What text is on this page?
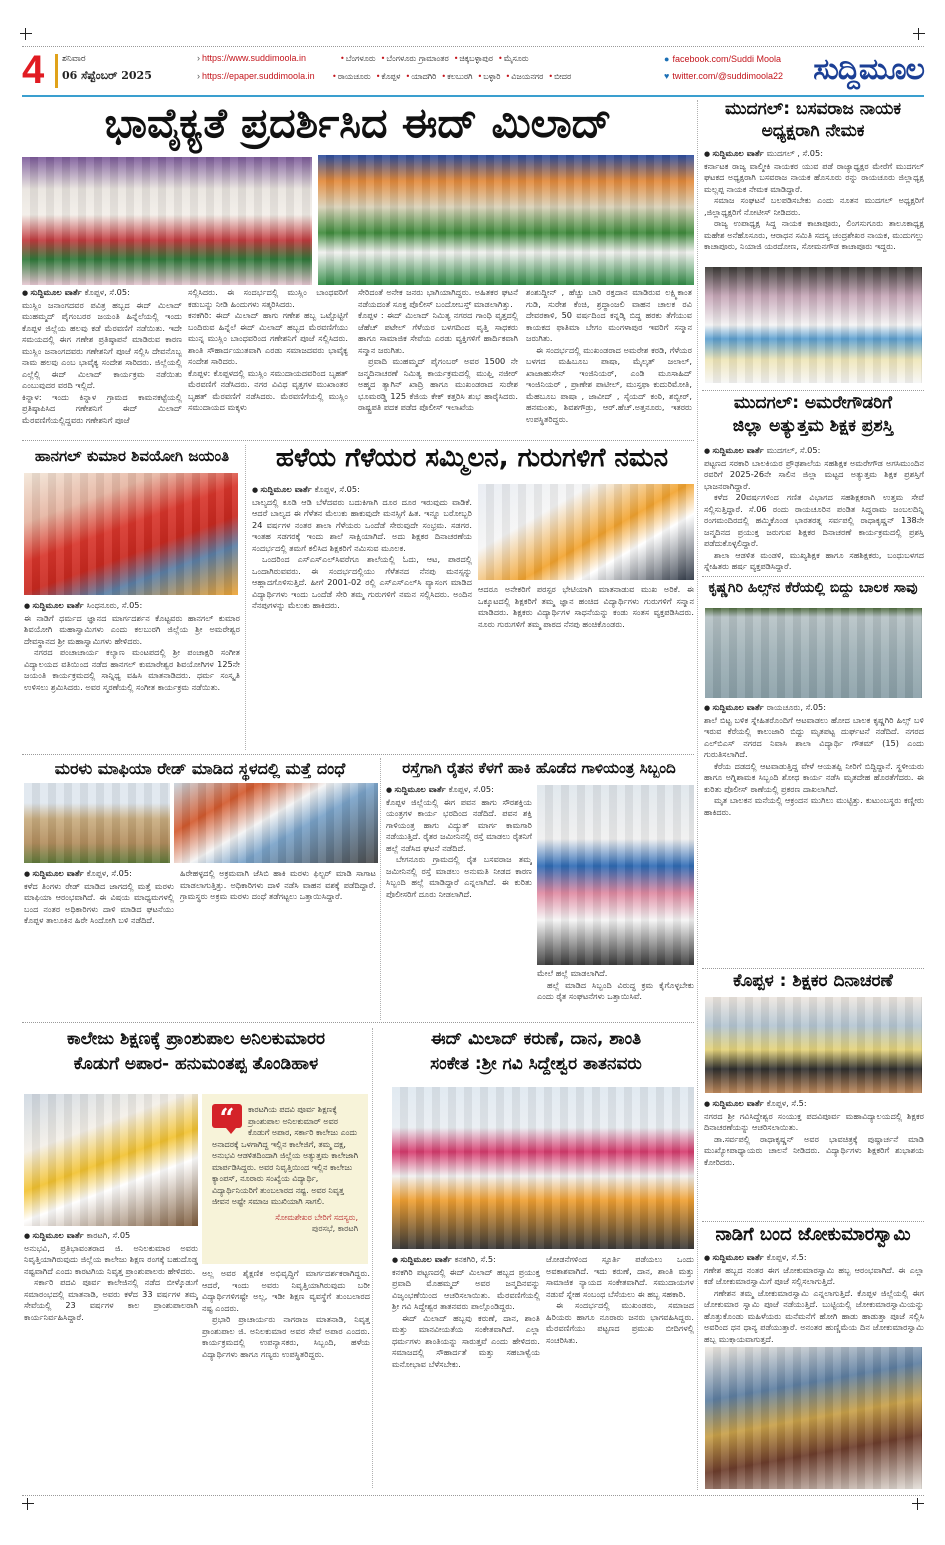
4 ಶನಿವಾರ
06 ಸೆಪ್ಟೆಂಬರ್ 2025
› https://www.suddimoola.in
› https://epaper.suddimoola.in
• ಬೆಂಗಳೂರು • ಬೆಂಗಳೂರು ಗ್ರಾಮಾಂತರ • ಚಿಕ್ಕಬಳ್ಳಾಪುರ • ಮೈಸೂರು
• ರಾಯಚೂರು • ಕೊಪ್ಪಳ • ಯಾದಗಿರಿ • ಕಲಬುರಗಿ • ಬಳ್ಳಾರಿ • ವಿಜಯನಗರ • ಬೀದರ
● facebook.com/Suddi Moola
♥ twitter.com/@suddimoola22 ಸುದ್ದಿಮೂಲ
ಭಾವೈಕ್ಯತೆ ಪ್ರದರ್ಶಿಸಿದ ಈದ್ ಮಿಲಾದ್

● ಸುದ್ದಿಮೂಲ ವಾರ್ತೆ ಕೊಪ್ಪಳ, ಸೆ.05:

ಮುಸ್ಲಿಂ ಜನಾಂಗದವರ ಪವಿತ್ರ ಹಬ್ಬದ ಈದ್ ಮಿಲಾದ್ ಮುಹಮ್ಮದ್ ಪೈಗಂಬರರ ಜಯಂತಿ ಹಿನ್ನೆಲೆಯಲ್ಲಿ ಇಂದು ಕೊಪ್ಪಳ ಜಿಲ್ಲೆಯ ಹಲವು ಕಡೆ ಮೆರವಣಿಗೆ ನಡೆಯಿತು. ಇದೇ ಸಮಯದಲ್ಲಿ ಈಗ ಗಣೇಶ ಪ್ರತಿಷ್ಠಾಪನೆ ಮಾಡಿರುವ ಕಾರಣ ಮುಸ್ಲಿಂ ಜನಾಂಗದವರು ಗಣೇಶನಿಗೆ ಪೂಜೆ ಸಲ್ಲಿಸಿ ದೇವನೊಬ್ಬ ನಾಮ ಹಲವು ಎಂಬ ಭಾವೈಕ್ಯ ಸಂದೇಶ ಸಾರಿದರು. ಜಿಲ್ಲೆಯಲ್ಲಿ ಎಲ್ಲೆಲ್ಲಿ ಈದ್ ಮಿಲಾದ್ ಕಾರ್ಯಕ್ರಮ ನಡೆಯಿತು ಎಂಬುವುದರ ವರದಿ ಇಲ್ಲಿದೆ.

ಕಿನ್ನಾಳ: ಇಂದು ಕಿನ್ನಾಳ ಗ್ರಾಮದ ಕಾಮನಕಟ್ಟೆಯಲ್ಲಿ ಪ್ರತಿಷ್ಠಾಪಿಸಿದ ಗಣೇಶನಿಗೆ ಈದ್ ಮಿಲಾದ್ ಮೆರವಣಿಗೆಯಲ್ಲಿದ್ದವರು ಗಣೇಶನಿಗೆ ಪೂಜೆ

ಸಲ್ಲಿಸಿದರು. ಈ ಸಂದರ್ಭದಲ್ಲಿ ಮುಸ್ಲಿಂ ಬಾಂಧವರಿಗೆ ಕಡುಬನ್ನು ನೀಡಿ ಹಿಂದುಗಳು ಸತ್ಕರಿಸಿದರು.

ಕನಕಗಿರಿ: ಈದ್ ಮಿಲಾದ್ ಹಾಗು ಗಣೇಶ ಹಬ್ಬ ಒಟ್ಟೊಟ್ಟಿಗೆ ಬಂದಿರುವ ಹಿನ್ನೆಲೆ ಈದ್ ಮಿಲಾದ್ ಹಬ್ಬದ ಮೆರವಣಿಗೆಯು ಮುನ್ನ ಮುಸ್ಲಿಂ ಬಾಂಧವರಿಂದ ಗಣೇಶನಿಗೆ ಪೂಜೆ ಸಲ್ಲಿಸಿದರು. ಶಾಂತಿ ಸೌಹಾರ್ದಯುತವಾಗಿ ಎರಡು ಸಮಾಜದವರು ಭಾವೈಕ್ಯ ಸಂದೇಶ ಸಾರಿದರು.

ಕೊಪ್ಪಳ: ಕೊಪ್ಪಳದಲ್ಲಿ ಮುಸ್ಲಿಂ ಸಮುದಾಯದವರಿಂದ ಬೃಹತ್ ಮೆರವಣಿಗೆ ನಡೆಸಿದರು. ನಗರ ವಿವಿಧ ವೃತ್ತಗಳ ಮುಖಾಂತರ ಬೃಹತ್ ಮೆರವಣಿಗೆ ನಡೆಸಿದರು. ಮೆರವಣಿಗೆಯಲ್ಲಿ ಮುಸ್ಲಿಂ ಸಮುದಾಯದ ಮಕ್ಕಳು

ಸೇರಿದಂತೆ ಅನೇಕ ಜನರು ಭಾಗಿಯಾಗಿದ್ದರು. ಅಹಿತಕರ ಘಟನೆ ನಡೆಯದಂತೆ ಸೂಕ್ತ ಪೊಲೀಸ್ ಬಂದೋಬಸ್ತ್ ಮಾಡಲಾಗಿತ್ತು.

ಕೊಪ್ಪಳ : ಈದ್ ಮಿಲಾದ್ ನಿಮಿತ್ಯ ನಗರದ ಗಾಂಧಿ ವೃತ್ತದಲ್ಲಿ ಜೆಹೆಚ್ ಪಟೇಲ್ ಗೆಳೆಯರ ಬಳಗದಿಂದ ವೃತ್ತಿ ಸಾಧಕರು ಹಾಗೂ ಸಾಮಾಜಿಕ ಸೇವೆಯ ಎರಡು ವ್ಯಕ್ತಿಗಳಿಗೆ ಹಾರ್ದಿಕವಾಗಿ ಸನ್ಮಾನ ಜರುಗಿತು.

ಪ್ರವಾದಿ ಮುಹಮ್ಮದ್ ಪೈಗಂಬರ್ ಅವರ 1500 ನೇ ಜನ್ಮದಿನಾಚರಣೆ ನಿಮಿತ್ಯ ಕಾರ್ಯಕ್ರಮದಲ್ಲಿ ಮುಫ್ತಿ ನಜೀರ್ ಅಹ್ಮದ ತ್ಯಾಗಿನ್ ಖಾದ್ರಿ ಹಾಗೂ ಮುಖಂಡರಾದ ಸುರೇಶ ಭೂಮರಡ್ಡಿ 125 ಕೆಜಿಯ ಕೇಕ್ ಕತ್ತರಿಸಿ ಶುಭ ಹಾರೈಸಿದರು. ರಾಷ್ಟ್ರಪತಿ ಪದಕ ಪಡೆದ ಪೊಲೀಸ್ ಇಲಾಖೆಯ

ಶಂಶುದ್ದೀನ್ , ಹೆಚ್ಚು ಬಾರಿ ರಕ್ತದಾನ ಮಾಡಿರುವ ಲಕ್ಷ್ಮಿಕಾಂತ ಗುಡಿ, ಸುರೇಶ ಕೆಂಚಿ, ಶ್ರದ್ಧಾಂಜಲಿ ವಾಹನ ಚಾಲಕ ರವಿ ದೇವರಕಾಳಿ, 50 ವರ್ಷದಿಂದ ಕನ್ನಡ್ಕಿ ಬಿದ್ದ ಹರಕು ತೆಗೆಯುವ ಕಾಯಕದ ಫಾತಿಮಾ ಬೇಗಂ ಮಂಗಳಾಪುರ ಇವರಿಗೆ ಸನ್ಮಾನ ಜರುಗಿತು.

ಈ ಸಂದರ್ಭದಲ್ಲಿ ಮುಖಂಡರಾದ ಅಮರೇಶ ಕರಡಿ, ಗೆಳೆಯರ ಬಳಗದ ಮಹಿಬೂಬ ಪಾಷಾ, ಮೈಲ್ಕತ್ ಜಲಾಲ್, ಖಾಜಾಹುಸೇನ್ ಇಂಜಿನಿಯರ್, ಎಂಡಿ ಮೂಸಾಹಿದ್ ಇಂಜಿನಿಯರ್ , ಪ್ರಾಣೇಶ ಪಾಟೀಲ್, ಮುಸ್ತಫಾ ಕುದುರಿಮೋತಿ, ಮೆಹಬೂಬ ಪಾಷಾ , ಜಾವೀದ್ , ಸೈಯದ್ ಕಂಠಿ, ಶಬ್ಬೀರ್, ಹನಮಂತು, ಶಿವಶಗೌಡ್ರು, ಆರ್.ಹೆಚ್.ಅತ್ತನೂರು, ಇತರರು ಉಪಸ್ಥಿತರಿದ್ದರು.

ಮುದಗಲ್: ಬಸವರಾಜ ನಾಯಕ
ಅಧ್ಯಕ್ಷರಾಗಿ ನೇಮಕ

● ಸುದ್ದಿಮೂಲ ವಾರ್ತೆ ಮುದಗಲ್ , ಸೆ.05:

ಕರ್ನಾಟಕ ರಾಜ್ಯ ವಾಲ್ಮೀಕಿ ನಾಯಕರ ಯುವ ಪಡೆ ರಾಜ್ಯಾಧ್ಯಕ್ಷರ ಮೇರೆಗೆ ಮುದಗಲ್ ಘಟಕದ ಅಧ್ಯಕ್ಷರಾಗಿ ಬಸವರಾಜ ನಾಯಕ ಹೊಸೂರು ರನ್ನು ರಾಯಚೂರು ಜಿಲ್ಲಾಧ್ಯಕ್ಷ ಮಲ್ಲಪ್ಪ ನಾಯಕ ನೇಮಕ ಮಾಡಿದ್ದಾರೆ.

ಸಮಾಜ ಸಂಘಟನೆ ಬಲಪಡಿಸಬೇಕು ಎಂದು ನೂತನ ಮುದಗಲ್ ಅಧ್ಯಕ್ಷರಿಗೆ ,ಜಿಲ್ಲಾಧ್ಯಕ್ಷರಿಗೆ ನೋಟೀಸ್ ನೀಡಿದರು.

ರಾಜ್ಯ ಉಪಾಧ್ಯಕ್ಷ ಸಿದ್ದ ನಾಯಕ ಕಾಚಾಪೂರು, ಲಿಂಗಸುಗೂರು ತಾಲೂಕಾಧ್ಯಕ್ಷ ಮಹೇಶ ಅನೆಹೊಸೂರು, ಆರಾಧನ ಸಮಿತಿ ಸದಸ್ಯ ಚಂದ್ರಶೇಖರ ನಾಯಕ, ಮುದುಗಲ್ಲು ಕಾಚಾಪೂರು, ನಿಯಾಜಿ ಯರದೋಣ, ಸೋಮನಗೌಡ ಕಾಚಾಪೂರು ಇದ್ದರು.

ಮುದಗಲ್: ಅಮರೇಗೌಡರಿಗೆ
ಜಿಲ್ಲಾ ಅತ್ಯುತ್ತಮ ಶಿಕ್ಷಕ ಪ್ರಶಸ್ತಿ

● ಸುದ್ದಿಮೂಲ ವಾರ್ತೆ ಮುದಗಲ್, ಸೆ.05:

ಪಟ್ಟಣದ ಸರಕಾರಿ ಬಾಲಕಿಯರ ಪ್ರೌಢಶಾಲೆಯ ಸಹಶಿಕ್ಷಕ ಅಮರೇಗೌಡ ಅಗಸಿಮುಂದಿನ ರವರಿಗೆ 2025-26ನೇ ಸಾಲಿನ ಜಿಲ್ಲಾ ಮಟ್ಟದ ಅತ್ಯುತ್ತಮ ಶಿಕ್ಷಕ ಪ್ರಶಸ್ತಿಗೆ ಭಾಜನರಾಗಿದ್ದಾರೆ.

ಕಳೆದ 20ವರ್ಷಗಳಿಂದ ಗಣಿತ ವಿಭಾಗದ ಸಹಶಿಕ್ಷಕರಾಗಿ ಉತ್ತಮ ಸೇವೆ ಸಲ್ಲಿಸುತ್ತಿದ್ದಾರೆ. ಸೆ.06 ರಂದು ರಾಯಚೂರಿನ ಪಂಡಿತ ಸಿದ್ದರಾಮ ಜಂಬಲದಿನ್ನಿ ರಂಗಮಂದಿರದಲ್ಲಿ ಹಮ್ಮಿಕೊಂಡ ಭಾರತರತ್ನ ಸರ್ವಪಲ್ಲಿ ರಾಧಾಕೃಷ್ಣನ್ 138ನೇ ಜನ್ಮದಿನದ ಪ್ರಯುಕ್ತ ಜರುಗುವ ಶಿಕ್ಷಕರ ದಿನಾಚರಣೆ ಕಾರ್ಯಕ್ರಮದಲ್ಲಿ ಪ್ರಶಸ್ತಿ ಪಡೆದುಕೊಳ್ಳಲಿದ್ದಾರೆ.

ಶಾಲಾ ಆಡಳಿತ ಮಂಡಳಿ, ಮುಖ್ಯಶಿಕ್ಷಕ ಹಾಗೂ ಸಹಶಿಕ್ಷಕರು, ಬಂಧುಬಳಗದ ಸ್ನೇಹಿತರು ಹರ್ಷ ವ್ಯಕ್ತಪಡಿಸಿದ್ದಾರೆ.

ಕೃಷ್ಣಗಿರಿ ಹಿಲ್ಸ್‌ನ ಕೆರೆಯಲ್ಲಿ ಬಿದ್ದು ಬಾಲಕ ಸಾವು

● ಸುದ್ದಿಮೂಲ ವಾರ್ತೆ ರಾಯಚೂರು, ಸೆ.05:

ಶಾಲೆ ಬಿಟ್ಟ ಬಳಿಕ ಸ್ನೇಹಿತರೊಂದಿಗೆ ಆಟವಾಡಲು ಹೋದ ಬಾಲಕ ಕೃಷ್ಣಗಿರಿ ಹಿಲ್ಸ್ ಬಳಿ ಇರುವ ಕೆರೆಯಲ್ಲಿ ಕಾಲುಜಾರಿ ಬಿದ್ದು ಮೃತಪಟ್ಟ ದುರ್ಘಟನೆ ನಡೆದಿದೆ. ನಗರದ ಎಲ್‌ಬಿಎಸ್ ನಗರದ ನಿವಾಸಿ ಶಾಲಾ ವಿದ್ಯಾರ್ಥಿ ಗೌತಮ್ (15) ಎಂದು ಗುರುತಿಸಲಾಗಿದೆ.

ಕೆರೆಯ ದಡದಲ್ಲಿ ಆಟವಾಡುತ್ತಿದ್ದ ವೇಳೆ ಆಯತಪ್ಪಿ ನೀರಿಗೆ ಬಿದ್ದಿದ್ದಾನೆ. ಸ್ಥಳೀಯರು ಹಾಗೂ ಅಗ್ನಿಶಾಮಕ ಸಿಬ್ಬಂದಿ ಶೋಧ ಕಾರ್ಯ ನಡೆಸಿ ಮೃತದೇಹ ಹೊರತೆಗೆದರು. ಈ ಕುರಿತು ಪೊಲೀಸ್ ಠಾಣೆಯಲ್ಲಿ ಪ್ರಕರಣ ದಾಖಲಾಗಿದೆ.

ಮೃತ ಬಾಲಕನ ಮನೆಯಲ್ಲಿ ಆಕ್ರಂದನ ಮುಗಿಲು ಮುಟ್ಟಿತ್ತು. ಕುಟುಂಬಸ್ಥರು ಕಣ್ಣೀರು ಹಾಕಿದರು.

ಕೊಪ್ಪಳ : ಶಿಕ್ಷಕರ ದಿನಾಚರಣೆ

● ಸುದ್ದಿಮೂಲ ವಾರ್ತೆ ಕೊಪ್ಪಳ, ಸೆ.5:

ನಗರದ ಶ್ರೀ ಗವಿಸಿದ್ದೇಶ್ವರ ಸಂಯುಕ್ತ ಪದವಿಪೂರ್ವ ಮಹಾವಿದ್ಯಾಲಯದಲ್ಲಿ ಶಿಕ್ಷಕರ ದಿನಾಚರಣೆಯನ್ನು ಆಚರಿಸಲಾಯಿತು.

ಡಾ.ಸರ್ವಪಲ್ಲಿ ರಾಧಾಕೃಷ್ಣನ್ ಅವರ ಭಾವಚಿತ್ರಕ್ಕೆ ಪುಷ್ಪಾರ್ಚನೆ ಮಾಡಿ ಮುಖ್ಯೋಪಾಧ್ಯಾಯರು ಚಾಲನೆ ನೀಡಿದರು. ವಿದ್ಯಾರ್ಥಿಗಳು ಶಿಕ್ಷಕರಿಗೆ ಶುಭಾಶಯ ಕೋರಿದರು.

ನಾಡಿಗೆ ಬಂದ ಜೋಕುಮಾರಸ್ವಾಮಿ

● ಸುದ್ದಿಮೂಲ ವಾರ್ತೆ ಕೊಪ್ಪಳ, ಸೆ.5:

ಗಣೇಶ ಹಬ್ಬದ ನಂತರ ಈಗ ಜೋಕುಮಾರಸ್ವಾಮಿ ಹಬ್ಬ ಆರಂಭವಾಗಿದೆ. ಈ ಎಲ್ಲಾ ಕಡೆ ಜೋಕುಮಾರಸ್ವಾಮಿಗೆ ಪೂಜೆ ಸಲ್ಲಿಸಲಾಗುತ್ತಿದೆ.

ಗಣೇಶನ ತಮ್ಮ ಜೋಕುಮಾರಸ್ವಾಮಿ ಎನ್ನಲಾಗುತ್ತಿದೆ. ಕೊಪ್ಪಳ ಜಿಲ್ಲೆಯಲ್ಲಿ ಈಗ ಜೋಕುಮಾರ ಸ್ವಾಮಿ ಪೂಜೆ ನಡೆಯುತ್ತಿದೆ. ಬುಟ್ಟಿಯಲ್ಲಿ ಜೋಕುಮಾರಸ್ವಾಮಿಯನ್ನು ಹೊತ್ತುಕೊಂಡು ಮಹಿಳೆಯರು ಮನೆಮನೆಗೆ ಹೋಗಿ ಹಾಡು ಹಾಡುತ್ತಾ ಪೂಜೆ ಸಲ್ಲಿಸಿ ಅವರಿಂದ ಧನ ಧಾನ್ಯ ಪಡೆಯುತ್ತಾರೆ. ಅನಂತರ ಹುಣ್ಣಿಮೆಯ ದಿನ ಜೋಕುಮಾರಸ್ವಾಮಿ ಹಬ್ಬ ಮುಕ್ತಾಯವಾಗುತ್ತದೆ.

ಹಾನಗಲ್ ಕುಮಾರ ಶಿವಯೋಗಿ ಜಯಂತಿ

● ಸುದ್ದಿಮೂಲ ವಾರ್ತೆ ಸಿಂಧನೂರು, ಸೆ.05:

ಈ ನಾಡಿಗೆ ಧರ್ಮದ ಜ್ಞಾನದ ಮಾರ್ಗದರ್ಶನ ಕೊಟ್ಟವರು ಹಾನಗಲ್ ಕುಮಾರ ಶಿವಯೋಗಿ ಮಹಾಸ್ವಾಮಿಗಳು ಎಂದು ಕಲಬುರಗಿ ಜಿಲ್ಲೆಯ ಶ್ರೀ ಅಮರೇಶ್ವರ ದೇವಸ್ಥಾನದ ಶ್ರೀ ಮಹಾಸ್ವಾಮಿಗಳು ಹೇಳಿದರು.

ನಗರದ ಪಂಚಾಚಾರ್ಯ ಕಲ್ಯಾಣ ಮಂಟಪದಲ್ಲಿ ಶ್ರೀ ಪಂಚಾಕ್ಷರಿ ಸಂಗೀತ ವಿದ್ಯಾಲಯದ ವತಿಯಿಂದ ನಡೆದ ಹಾನಗಲ್ ಕುಮಾರೇಶ್ವರ ಶಿವಯೋಗಿಗಳ 125ನೇ ಜಯಂತಿ ಕಾರ್ಯಕ್ರಮದಲ್ಲಿ ಸಾನ್ನಿಧ್ಯ ವಹಿಸಿ ಮಾತನಾಡಿದರು. ಧರ್ಮ ಸಂಸ್ಕೃತಿ ಉಳಿಸಲು ಶ್ರಮಿಸಿದರು. ಅವರ ಸ್ಮರಣೆಯಲ್ಲಿ ಸಂಗೀತ ಕಾರ್ಯಕ್ರಮ ನಡೆಯಿತು.

ಹಳೆಯ ಗೆಳೆಯರ ಸಮ್ಮಿಲನ, ಗುರುಗಳಿಗೆ ನಮನ

● ಸುದ್ದಿಮೂಲ ವಾರ್ತೆ ಕೊಪ್ಪಳ, ಸೆ.05:

ಬಾಲ್ಯದಲ್ಲಿ ಕೂಡಿ ಆಡಿ ಬೆಳೆದವರು ಬದುಕಿಗಾಗಿ ದೂರ ದೂರ ಇರುವುದು ವಾಡಿಕೆ. ಆದರೆ ಬಾಲ್ಯದ ಈ ಗೆಳೆತನ ಮೆಲುಕು ಹಾಕುವುದೇ ಮನಸ್ಸಿಗೆ ಹಿತ. ಇನ್ನೂ ಬರೋಬ್ಬರಿ 24 ವರ್ಷಗಳ ನಂತರ ಶಾಲಾ ಗೆಳೆಯರು ಒಂದೆಡೆ ಸೇರುವುದೇ ಸಂಭ್ರಮ. ಸಡಗರ. ಇಂತಹ ಸಡಗರಕ್ಕೆ ಇಂದು ಶಾಲೆ ಸಾಕ್ಷಿಯಾಗಿದೆ. ಅದು ಶಿಕ್ಷಕರ ದಿನಾಚರಣೆಯ ಸಂದರ್ಭದಲ್ಲಿ ತಮಗೆ ಕಲಿಸಿದ ಶಿಕ್ಷಕರಿಗೆ ನಮಿಸುವ ಮೂಲಕ.

ಒಂದರಿಂದ ಎಸ್‌ಎಸ್‌ಎಲ್‌ಸಿವರೆಗೂ ಶಾಲೆಯಲ್ಲಿ ಓದು, ಆಟ, ಪಾಠದಲ್ಲಿ ಒಂದಾಗಿರುವವರು. ಈ ಸಂದರ್ಭದಲ್ಲಿಯು ಗೆಳೆತನದ ನೆನಪು ಮನಸ್ಸನ್ನು ಆಹ್ಲಾದಗೊಳಿಸುತ್ತಿದೆ. ಹೀಗೆ 2001-02 ರಲ್ಲಿ ಎಸ್‌ಎಸ್‌ಎಲ್‌ಸಿ ವ್ಯಾಸಂಗ ಮಾಡಿದ ವಿದ್ಯಾರ್ಥಿಗಳು ಇಂದು ಒಂದೆಡೆ ಸೇರಿ ತಮ್ಮ ಗುರುಗಳಿಗೆ ನಮನ ಸಲ್ಲಿಸಿದರು. ಅಂದಿನ ನೆನಪುಗಳನ್ನು ಮೆಲುಕು ಹಾಕಿದರು.

ಆದರೂ ಅನೇಕರಿಗೆ ಪರಸ್ಪರ ಭೇಟಿಯಾಗಿ ಮಾತನಾಡುವ ಮುಖ ಅರಿಕೆ. ಈ ಒಕ್ಕೂಟದಲ್ಲಿ ಶಿಕ್ಷಕರಿಗೆ ತಮ್ಮ ಜ್ಞಾನ ಹಂಚಿದ ವಿದ್ಯಾರ್ಥಿಗಳು ಗುರುಗಳಿಗೆ ಸನ್ಮಾನ ಮಾಡಿದರು. ಶಿಕ್ಷಕರು ವಿದ್ಯಾರ್ಥಿಗಳ ಸಾಧನೆಯನ್ನು ಕಂಡು ಸಂತಸ ವ್ಯಕ್ತಪಡಿಸಿದರು. ನೂರು ಗುರುಗಳಿಗೆ ತಮ್ಮ ಪಾಠದ ನೆನಪು ಹಂಚಿಕೊಂಡರು.

ಮರಳು ಮಾಫಿಯಾ ರೇಡ್ ಮಾಡಿದ ಸ್ಥಳದಲ್ಲಿ ಮತ್ತೆ ದಂಧೆ

● ಸುದ್ದಿಮೂಲ ವಾರ್ತೆ ಕೊಪ್ಪಳ, ಸೆ.05:

ಕಳೆದ ತಿಂಗಳು ರೇಡ್ ಮಾಡಿದ ಜಾಗದಲ್ಲಿ ಮತ್ತೆ ಮರಳು ಮಾಫಿಯಾ ಆರಂಭವಾಗಿದೆ. ಈ ವಿಷಯ ಮಾಧ್ಯಮಗಳಲ್ಲಿ ಬಂದ ನಂತರ ಅಧಿಕಾರಿಗಳು ದಾಳಿ ಮಾಡಿದ ಘಟನೆಯು ಕೊಪ್ಪಳ ತಾಲೂಕಿನ ಹಿರೇ ಸಿಂದೋಗಿ ಬಳಿ ನಡೆದಿದೆ.

ಹಿರೇಹಳ್ಳದಲ್ಲಿ ಅಕ್ರಮವಾಗಿ ಜೆಸಿಬಿ ಹಾಕಿ ಮರಳು ಫಿಲ್ಟರ್ ಮಾಡಿ ಸಾಗಾಟ ಮಾಡಲಾಗುತ್ತಿತ್ತು. ಅಧಿಕಾರಿಗಳು ದಾಳಿ ನಡೆಸಿ ವಾಹನ ವಶಕ್ಕೆ ಪಡೆದಿದ್ದಾರೆ. ಗ್ರಾಮಸ್ಥರು ಅಕ್ರಮ ಮರಳು ದಂಧೆ ತಡೆಗಟ್ಟಲು ಒತ್ತಾಯಿಸಿದ್ದಾರೆ.

ರಸ್ತೆಗಾಗಿ ರೈತನ ಕೆಳಗೆ ಹಾಕಿ ಹೊಡೆದ ಗಾಳಿಯಂತ್ರ ಸಿಬ್ಬಂದಿ

● ಸುದ್ದಿಮೂಲ ವಾರ್ತೆ ಕೊಪ್ಪಳ, ಸೆ.05:

ಕೊಪ್ಪಳ ಜಿಲ್ಲೆಯಲ್ಲಿ ಈಗ ಪವನ ಹಾಗು ಸೌರಶಕ್ತಿಯ ಯಂತ್ರಗಳ ಕಾರ್ಯ ಭರದಿಂದ ನಡೆದಿದೆ. ಪವನ ಶಕ್ತಿ ಗಾಳಿಯಂತ್ರ ಹಾಗು ವಿದ್ಯುತ್ ಮಾರ್ಗ ಕಾಮಗಾರಿ ನಡೆಯುತ್ತಿದೆ. ರೈತರ ಜಮೀನಿನಲ್ಲಿ ರಸ್ತೆ ಮಾಡಲು ರೈತನಿಗೆ ಹಲ್ಲೆ ನಡೆಸಿದ ಘಟನೆ ನಡೆದಿದೆ.

ಬೇಗನೂರು ಗ್ರಾಮದಲ್ಲಿ ರೈತ ಬಸವರಾಜ ತಮ್ಮ ಜಮೀನಿನಲ್ಲಿ ರಸ್ತೆ ಮಾಡಲು ಅನುಮತಿ ನೀಡದ ಕಾರಣ ಸಿಬ್ಬಂದಿ ಹಲ್ಲೆ ಮಾಡಿದ್ದಾರೆ ಎನ್ನಲಾಗಿದೆ. ಈ ಕುರಿತು ಪೊಲೀಸರಿಗೆ ದೂರು ನೀಡಲಾಗಿದೆ.

ಮೇಲೆ ಹಲ್ಲೆ ಮಾಡಲಾಗಿದೆ.

ಹಲ್ಲೆ ಮಾಡಿದ ಸಿಬ್ಬಂದಿ ವಿರುದ್ಧ ಕ್ರಮ ಕೈಗೊಳ್ಳಬೇಕು ಎಂದು ರೈತ ಸಂಘಟನೆಗಳು ಒತ್ತಾಯಿಸಿವೆ.

ಕಾಲೇಜು ಶಿಕ್ಷಣಕ್ಕೆ ಪ್ರಾಂಶುಪಾಲ ಅನಿಲಕುಮಾರರ
ಕೊಡುಗೆ ಅಪಾರ- ಹನುಮಂತಪ್ಪ ತೊಂಡಿಹಾಳ
“	ಕಾರಟಗಿಯ ಪದವಿ ಪೂರ್ವ ಶಿಕ್ಷಣಕ್ಕೆ ಪ್ರಾಂಶುಪಾಲ ಅನಿಲಕುಮಾರ್ ಅವರ ಕೊಡುಗೆ ಅಪಾರ, ಸರ್ಕಾರಿ ಕಾಲೇಜು ಎಂದು ಅನಾದರಕ್ಕೆ ಒಳಗಾಗಿದ್ದ ಇಲ್ಲಿನ ಕಾಲೇಜಿಗೆ, ತಮ್ಮ ದಕ್ಷ, ಅನುಭವಿ ಆಡಳಿತದಿಂದಾಗಿ ಜಿಲ್ಲೆಯ ಅತ್ಯುತ್ತಮ ಕಾಲೇಜಾಗಿ ಮಾರ್ಪಡಿಸಿದ್ದರು. ಅವರ ನಿವೃತ್ತಿಯಿಂದ ಇಲ್ಲಿನ ಕಾಲೇಜು ಕ್ಯಾಂಪಸ್, ನೂರಾರು ಸಂಖ್ಯೆಯ ವಿದ್ಯಾರ್ಥಿ, ವಿದ್ಯಾರ್ಥಿನಿಯರಿಗೆ ತುಂಬಲಾರದ ನಷ್ಟ. ಅವರ ನಿವೃತ್ತ ಜೀವನ ಅಷ್ಟೇ ಸಮಾಜ ಮುಖಿಯಾಗಿ ಸಾಗಲಿ.
ಸೋಮಶೇಖರ ಬೇರಿಗೆ ಸದಸ್ಯರು,
ಪುರಸಭೆ, ಕಾರಟಗಿ

● ಸುದ್ದಿಮೂಲ ವಾರ್ತೆ ಕಾರಟಗಿ, ಸೆ.05

ಅನುಭವಿ, ಪ್ರತಿಭಾವಂತರಾದ ಜಿ. ಅನಿಲಕುಮಾರ ಅವರು ನಿವೃತ್ತಿಯಾಗಿರುವುದು ಜಿಲ್ಲೆಯ ಕಾಲೇಜು ಶಿಕ್ಷಣ ರಂಗಕ್ಕೆ ಬಹುದೊಡ್ಡ ನಷ್ಟವಾಗಿದೆ ಎಂದು ಕಾರಟಗಿಯ ನಿವೃತ್ತ ಪ್ರಾಂಶುಪಾಲರು ಹೇಳಿದರು.

ಸರ್ಕಾರಿ ಪದವಿ ಪೂರ್ವ ಕಾಲೇಜಿನಲ್ಲಿ ನಡೆದ ಬೀಳ್ಕೊಡುಗೆ ಸಮಾರಂಭದಲ್ಲಿ ಮಾತನಾಡಿ, ಅವರು ಕಳೆದ 33 ವರ್ಷಗಳ ತಮ್ಮ ಸೇವೆಯಲ್ಲಿ 23 ವರ್ಷಗಳ ಕಾಲ ಪ್ರಾಂಶುಪಾಲರಾಗಿ ಕಾರ್ಯನಿರ್ವಹಿಸಿದ್ದಾರೆ.

ಅಲ್ಲ ಅವರ ಶೈಕ್ಷಣಿಕ ಅಭಿವೃದ್ಧಿಗೆ ಮಾರ್ಗದರ್ಶಕರಾಗಿದ್ದರು. ಆದರೆ, ಇಂದು ಅವರು ನಿವೃತ್ತಿಯಾಗಿರುವುದು ಬರೀ ವಿದ್ಯಾರ್ಥಿಗಳಿಗಷ್ಟೇ ಅಲ್ಲ, ಇಡೀ ಶಿಕ್ಷಣ ವ್ಯವಸ್ಥೆಗೆ ತುಂಬಲಾರದ ನಷ್ಟ ಎಂದರು.

ಪ್ರಭಾರಿ ಪ್ರಾಚಾರ್ಯರು ನಾಗರಾಜ ಮಾತನಾಡಿ, ನಿವೃತ್ತ ಪ್ರಾಂಶುಪಾಲ ಜಿ. ಅನಿಲಕುಮಾರ ಅವರ ಸೇವೆ ಅಪಾರ ಎಂದರು. ಕಾರ್ಯಕ್ರಮದಲ್ಲಿ ಉಪನ್ಯಾಸಕರು, ಸಿಬ್ಬಂದಿ, ಹಳೆಯ ವಿದ್ಯಾರ್ಥಿಗಳು ಹಾಗೂ ಗಣ್ಯರು ಉಪಸ್ಥಿತರಿದ್ದರು.

ಈದ್ ಮಿಲಾದ್ ಕರುಣೆ, ದಾನ, ಶಾಂತಿ
ಸಂಕೇತ :ಶ್ರೀ ಗವಿ ಸಿದ್ದೇಶ್ವರ ತಾತನವರು

● ಸುದ್ದಿಮೂಲ ವಾರ್ತೆ ಕನಕಗಿರಿ, ಸೆ.5:

ಕನಕಗಿರಿ ಪಟ್ಟಣದಲ್ಲಿ ಈದ್ ಮಿಲಾದ್ ಹಬ್ಬದ ಪ್ರಯುಕ್ತ ಪ್ರವಾದಿ ಮೊಹಮ್ಮದ್ ಅವರ ಜನ್ಮದಿನವನ್ನು ವಿಜೃಂಭಣೆಯಿಂದ ಆಚರಿಸಲಾಯಿತು. ಮೆರವಣಿಗೆಯಲ್ಲಿ ಶ್ರೀ ಗವಿ ಸಿದ್ದೇಶ್ವರ ತಾತನವರು ಪಾಲ್ಗೊಂಡಿದ್ದರು.

ಈದ್ ಮಿಲಾದ್ ಹಬ್ಬವು ಕರುಣೆ, ದಾನ, ಶಾಂತಿ ಮತ್ತು ಮಾನವೀಯತೆಯ ಸಂಕೇತವಾಗಿದೆ. ಎಲ್ಲಾ ಧರ್ಮಗಳು ಶಾಂತಿಯನ್ನು ಸಾರುತ್ತವೆ ಎಂದು ಹೇಳಿದರು. ಸಮಾಜದಲ್ಲಿ ಸೌಹಾರ್ದತೆ ಮತ್ತು ಸಹಬಾಳ್ವೆಯ ಮನೋಭಾವ ಬೆಳೆಸಬೇಕು.

ಜೋಡನೆಗಳಿಂದ ಸ್ಫೂರ್ತಿ ಪಡೆಯಲು ಒಂದು ಅವಕಾಶವಾಗಿದೆ. ಇದು ಕರುಣೆ, ದಾನ, ಶಾಂತಿ ಮತ್ತು ಸಾಮಾಜಿಕ ನ್ಯಾಯದ ಸಂಕೇತವಾಗಿದೆ. ಸಮುದಾಯಗಳ ನಡುವೆ ಸ್ನೇಹ ಸಂಬಂಧ ಬೆಸೆಯಲು ಈ ಹಬ್ಬ ಸಹಕಾರಿ.

ಈ ಸಂದರ್ಭದಲ್ಲಿ ಮುಖಂಡರು, ಸಮಾಜದ ಹಿರಿಯರು ಹಾಗೂ ನೂರಾರು ಜನರು ಭಾಗವಹಿಸಿದ್ದರು. ಮೆರವಣಿಗೆಯು ಪಟ್ಟಣದ ಪ್ರಮುಖ ಬೀದಿಗಳಲ್ಲಿ ಸಂಚರಿಸಿತು.
